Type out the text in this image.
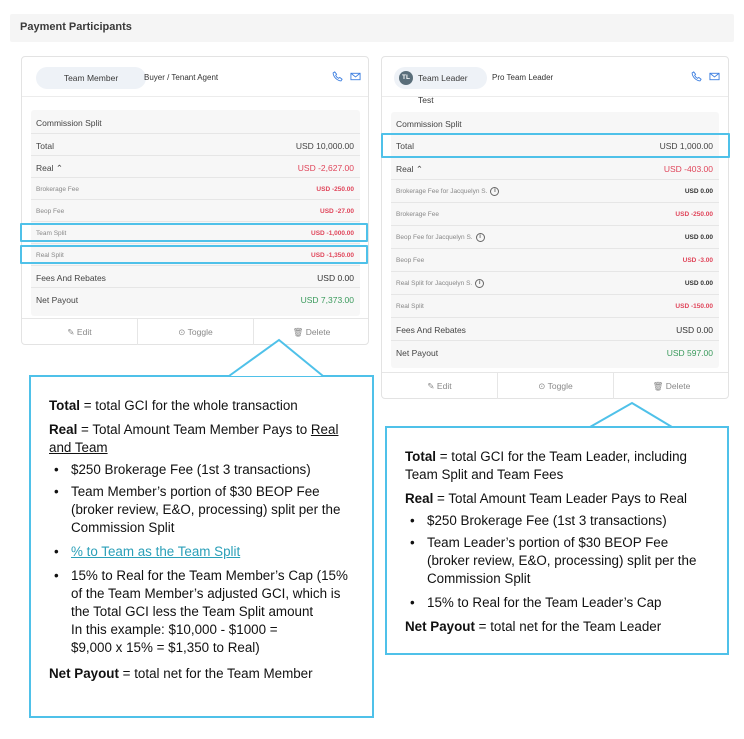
Payment Participants
Team Member	Buyer / Tenant Agent
Commission Split
Total	USD 10,000.00
Real ⌃	USD -2,627.00
Brokerage Fee	USD -250.00
Beop Fee	USD -27.00
Team Split	USD -1,000.00
Real Split	USD -1,350.00
Fees And Rebates	USD 0.00
Net Payout	USD 7,373.00
✎ Edit	⊙ Toggle	🗑 Delete
TL Team Leader Test
Pro Team Leader
Commission Split
Total	USD 1,000.00
Real ⌃	USD -403.00
Brokerage Fee for Jacquelyn S. i	USD 0.00
Brokerage Fee	USD -250.00
Beop Fee for Jacquelyn S. i	USD 0.00
Beop Fee	USD -3.00
Real Split for Jacquelyn S. i	USD 0.00
Real Split	USD -150.00
Fees And Rebates	USD 0.00
Net Payout	USD 597.00
✎ Edit	⊙ Toggle	🗑 Delete

Total = total GCI for the whole transaction

Real = Total Amount Team Member Pays to Real and Team

• $250 Brokerage Fee (1st 3 transactions)
• Team Member’s portion of $30 BEOP Fee (broker review, E&O, processing) split per the Commission Split
• % to Team as the Team Split
• 15% to Real for the Team Member’s Cap (15% of the Team Member’s adjusted GCI, which is the Total GCI less the Team Split amount
In this example: $10,000 - $1000 =
$9,000 x 15% = $1,350 to Real)

Net Payout = total net for the Team Member

Total = total GCI for the Team Leader, including Team Split and Team Fees

Real = Total Amount Team Leader Pays to Real

• $250 Brokerage Fee (1st 3 transactions)
• Team Leader’s portion of $30 BEOP Fee (broker review, E&O, processing) split per the Commission Split
• 15% to Real for the Team Leader’s Cap

Net Payout = total net for the Team Leader
